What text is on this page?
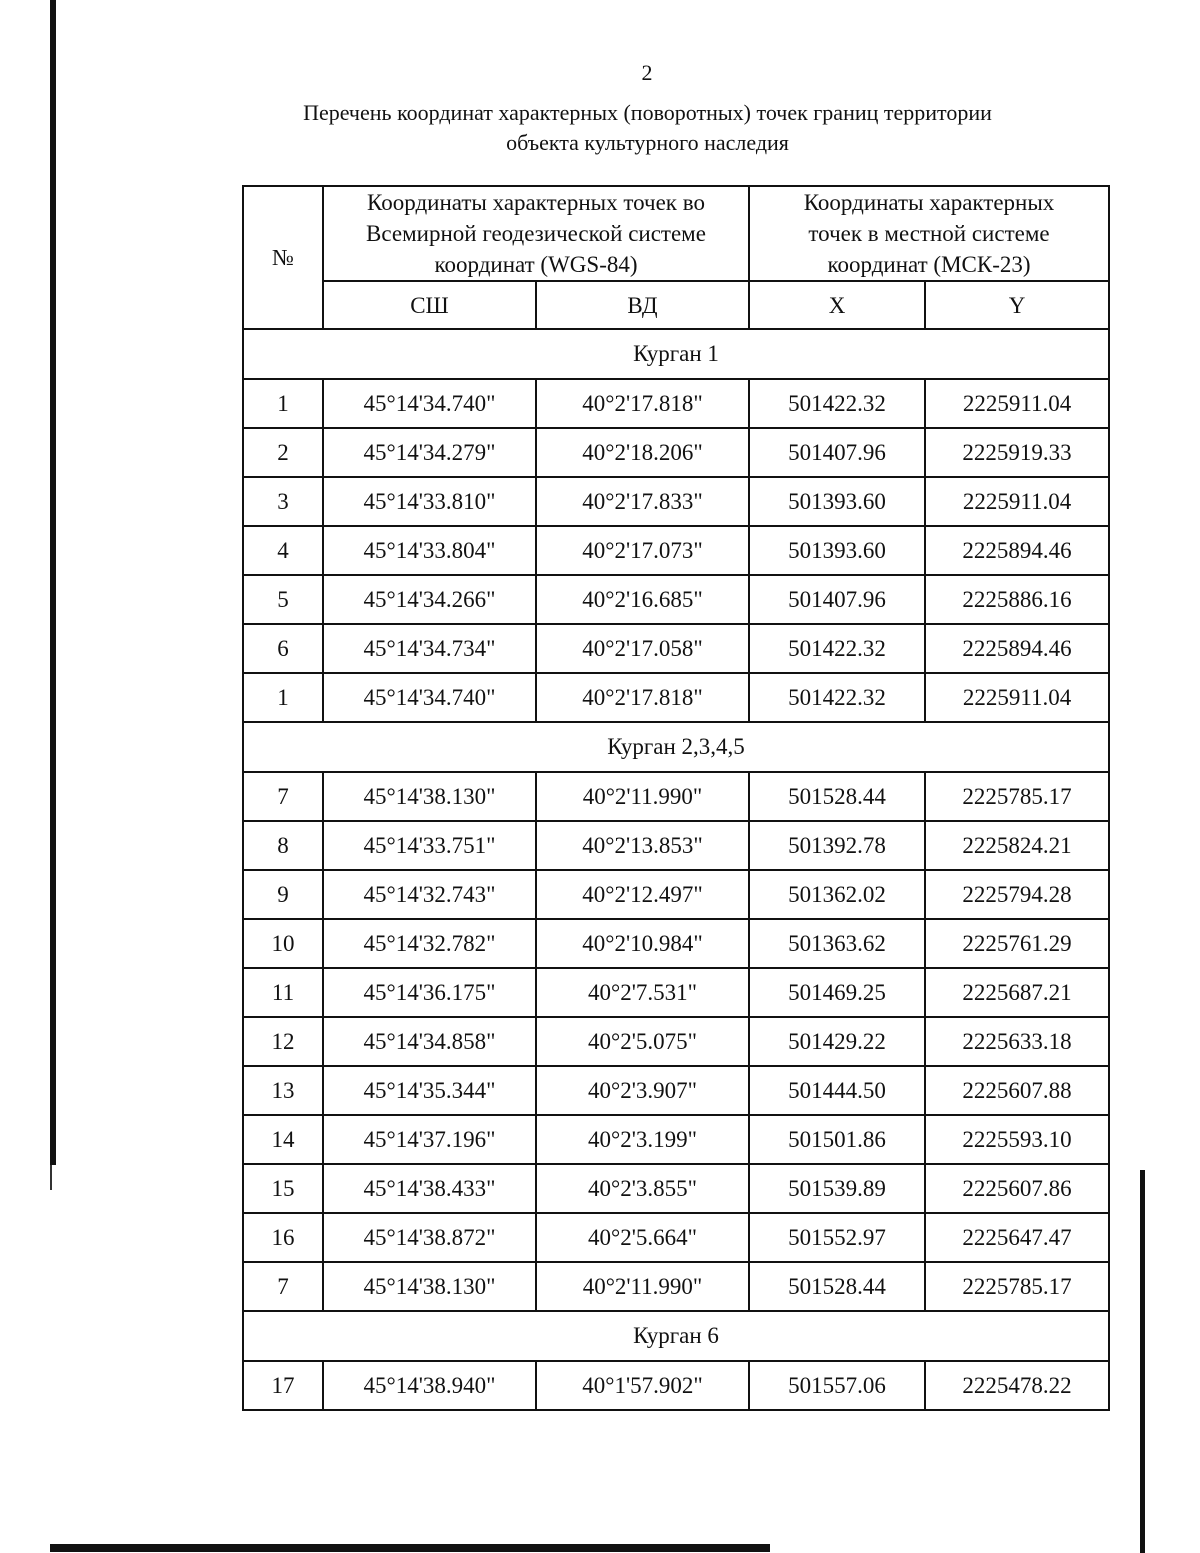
2
Перечень координат характерных (поворотных) точек границ территории
объекта культурного наследия
№	Координаты характерных точек во Всемирной геодезической системе координат (WGS-84)		Координаты характерных точек в местной системе координат (МСК-23)	
	СШ	ВД	X	Y
Курган 1				
1	45°14'34.740"	40°2'17.818"	501422.32	2225911.04
2	45°14'34.279"	40°2'18.206"	501407.96	2225919.33
3	45°14'33.810"	40°2'17.833"	501393.60	2225911.04
4	45°14'33.804"	40°2'17.073"	501393.60	2225894.46
5	45°14'34.266"	40°2'16.685"	501407.96	2225886.16
6	45°14'34.734"	40°2'17.058"	501422.32	2225894.46
1	45°14'34.740"	40°2'17.818"	501422.32	2225911.04
Курган 2,3,4,5				
7	45°14'38.130"	40°2'11.990"	501528.44	2225785.17
8	45°14'33.751"	40°2'13.853"	501392.78	2225824.21
9	45°14'32.743"	40°2'12.497"	501362.02	2225794.28
10	45°14'32.782"	40°2'10.984"	501363.62	2225761.29
11	45°14'36.175"	40°2'7.531"	501469.25	2225687.21
12	45°14'34.858"	40°2'5.075"	501429.22	2225633.18
13	45°14'35.344"	40°2'3.907"	501444.50	2225607.88
14	45°14'37.196"	40°2'3.199"	501501.86	2225593.10
15	45°14'38.433"	40°2'3.855"	501539.89	2225607.86
16	45°14'38.872"	40°2'5.664"	501552.97	2225647.47
7	45°14'38.130"	40°2'11.990"	501528.44	2225785.17
Курган 6				
17	45°14'38.940"	40°1'57.902"	501557.06	2225478.22
